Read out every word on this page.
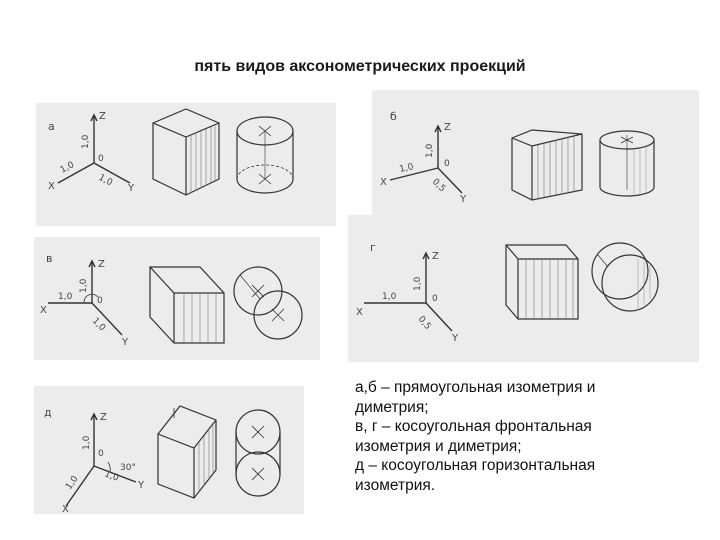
пять видов аксонометрических проекций
а
Z
X	Y
0
1,0
1,0
1,0
б
Z
X
Y
0
1,0
1,0
0,5
в	Z
X
Y
0
1,0
1,0
1,0
г
Z
X
Y
0
1,0
1,0
0,5
д	Z
X
Y
0
1,0
1,0 1,0
30°
а,б – прямоугольная изометрия и
диметрия;
в, г – косоугольная фронтальная
изометрия и диметрия;
д – косоугольная горизонтальная
изометрия.
